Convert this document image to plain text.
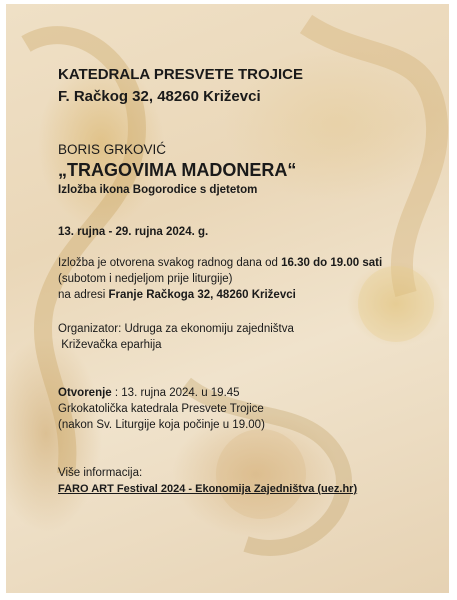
KATEDRALA PRESVETE TROJICE
F. Račkog 32, 48260 Križevci
BORIS GRKOVIĆ
„TRAGOVIMA MADONERA“
Izložba ikona Bogorodice s djetetom
13. rujna - 29. rujna 2024. g.
Izložba je otvorena svakog radnog dana od 16.30 do 19.00 sati
(subotom i nedjeljom prije liturgije)
na adresi Franje Račkoga 32, 48260 Križevci
Organizator: Udruga za ekonomiju zajedništva
Križevačka eparhija
Otvorenje : 13. rujna 2024. u 19.45
Grkokatolička katedrala Presvete Trojice
(nakon Sv. Liturgije koja počinje u 19.00)
Više informacija:
FARO ART Festival 2024 - Ekonomija Zajedništva (uez.hr)
